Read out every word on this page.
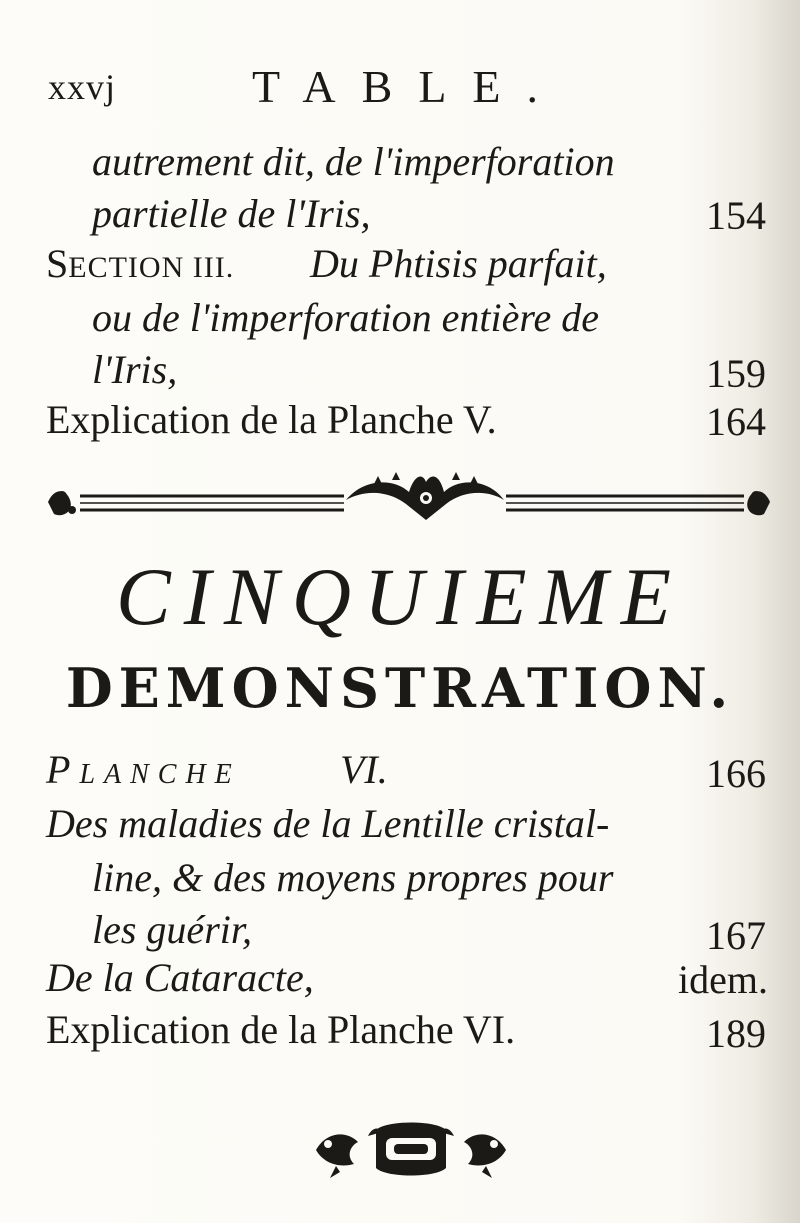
xxvj	TABLE.
autrement dit, de l'imperforation
partielle de l'Iris,	154
SECTION III. Du Phtisis parfait,
ou de l'imperforation entière de
l'Iris,	159
Explication de la Planche V.	164
CINQUIEME
DEMONSTRATION.
PLANCHE VI.	166
Des maladies de la Lentille cristal-
line, & des moyens propres pour
les guérir,	167
De la Cataracte,	idem.
Explication de la Planche VI.	189
